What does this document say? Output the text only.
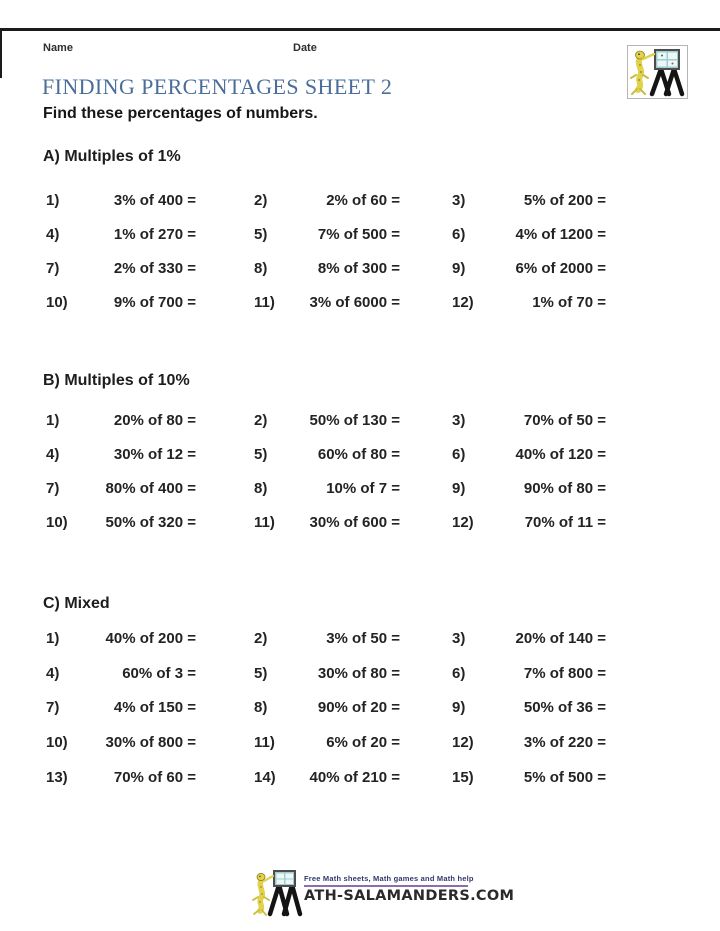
Name	Date
FINDING PERCENTAGES SHEET 2
Find these percentages of numbers.
A) Multiples of 1%
1)	3% of 400 =	2)	2% of 60 =	3)	5% of 200 =
4)	1% of 270 =	5)	7% of 500 =	6)	4% of 1200 =
7)	2% of 330 =	8)	8% of 300 =	9)	6% of 2000 =
10)	9% of 700 =	11)	3% of 6000 =	12)	1% of 70 =
B) Multiples of 10%
1)	20% of 80 =	2)	50% of 130 =	3)	70% of 50 =
4)	30% of 12 =	5)	60% of 80 =	6)	40% of 120 =
7)	80% of 400 =	8)	10% of 7 =	9)	90% of 80 =
10)	50% of 320 =	11)	30% of 600 =	12)	70% of 11 =
C) Mixed
1)	40% of 200 =	2)	3% of 50 =	3)	20% of 140 =
4)	60% of 3 =	5)	30% of 80 =	6)	7% of 800 =
7)	4% of 150 =	8)	90% of 20 =	9)	50% of 36 =
10)	30% of 800 =	11)	6% of 20 =	12)	3% of 220 =
13)	70% of 60 =	14)	40% of 210 =	15)	5% of 500 =
Free Math sheets, Math games and Math help
ATH-SALAMANDERS.COM
